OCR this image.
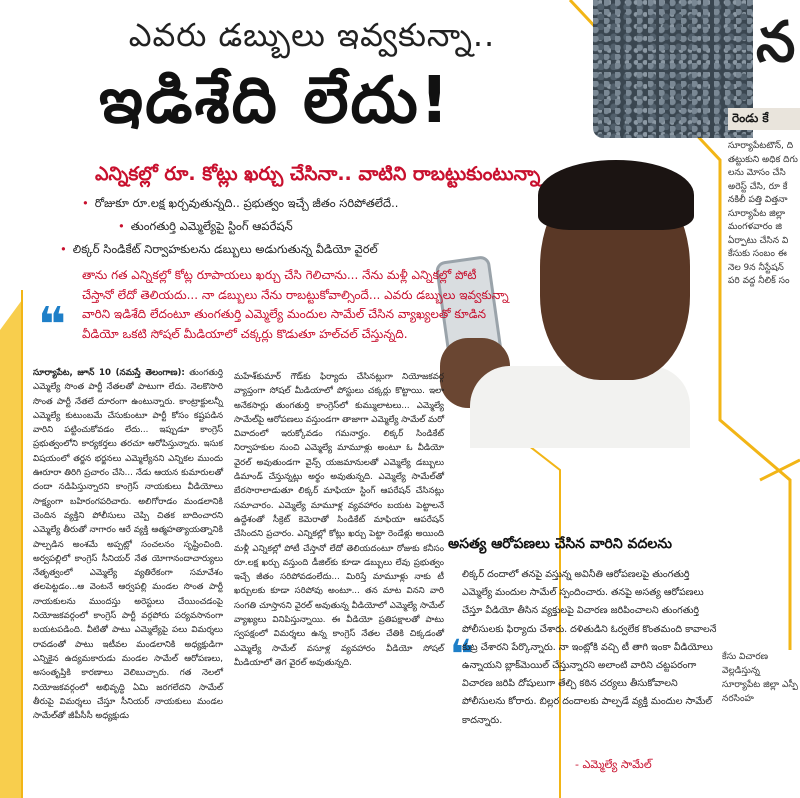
న
రెండు కే
సూర్యాపేటటౌన్, ది తట్టుకుని అధిక దిగు లను మోసం చేసి అరెస్ట్ చేసి, రూ కే నకిలీ పత్తి విత్తనా సూర్యాపేట జిల్లా మంగళవారం జి ఏర్పాటు చేసిన వి కేసుకు సంబం ఈ నెల 9న నీస్టేషన్ పరి వద్ద నీలిక్ సం
కేసు విచారణ వెల్లడిస్తున్న సూర్యాపేట జిల్లా ఎస్పీ నరసింహ
ఎవరు డబ్బులు ఇవ్వకున్నా..
ఇడిశేది లేదు!
ఎన్నికల్లో రూ. కోట్లు ఖర్చు చేసినా.. వాటిని రాబట్టుకుంటున్నా
• రోజుకూ రూ.లక్ష ఖర్చవుతున్నది.. ప్రభుత్వం ఇచ్చే జీతం సరిపోతలేదే..
• తుంగతుర్తి ఎమ్మెల్యేపై స్టింగ్ ఆపరేషన్
• లిక్కర్ సిండికేట్ నిర్వాహకులను డబ్బులు అడుగుతున్న వీడియో వైరల్
❝
తాను గత ఎన్నికల్లో కోట్ల రూపాయలు ఖర్చు చేసి గెలిచాను... నేను మళ్లీ ఎన్నికల్లో పోటీ చేస్తానో లేదో తెలియదు... నా డబ్బులు నేను రాబట్టుకోవాల్సిందే... ఎవరు డబ్బులు ఇవ్వకున్నా వారిని ఇడిశేది లేదంటూ తుంగతుర్తి ఎమ్మెల్యే మందుల సామేల్ చేసిన వ్యాఖ్యలతో కూడిన వీడియో ఒకటి సోషల్ మీడియాలో చక్కర్లు కొడుతూ హల్‌చల్ చేస్తున్నది.
సూర్యాపేట, జూన్ 10 (నమస్తే తెలంగాణ): తుంగతుర్తి ఎమ్మెల్యే సొంత పార్టీ నేతలతో పాటుగా లేదు. నెలకొసారి సొంత పార్టీ నేతలే దూరంగా ఉంటున్నారు. కాంట్రాక్టులన్నీ ఎమ్మెల్యే కుటుంబమే చేసుకుంటూ పార్టీ కోసం కష్టపడిన వారిని పట్టించుకోవడం లేదు... ఇప్పుడూ కాంగ్రెస్ ప్రభుత్వంలోని కార్యకర్తలు తరచూ ఆరోపిస్తున్నారు. ఇసుక విషయంలో తర్జన భర్జనలు ఎమ్మెల్యేనని ఎన్నికల ముందు ఊరూరా తిరిగి ప్రచారం చేసి... నేడు ఆయన కుమారులతో దందా నడిపిస్తున్నారని కాంగ్రెస్ నాయకులు వీడియోలు సాక్ష్యంగా బహిరంగపరిచారు. అలిగోరాడం మండలానికి చెందిన వ్యక్తిని పోలీసులు చెప్పి చితక బాదించారని ఎమ్మెల్యే తీరుతో నాగారం ఆరే వ్యక్తి ఆత్మహత్యాయత్నానికి పాల్పడిన అంశమే అప్పట్లో సంచలనం సృష్టించింది. అర్వపల్లిలో కాంగ్రెస్ సీనియర్ నేత యోగానందాచార్యులు నేతృత్వంలో ఎమ్మెల్యే వ్యతిరేకంగా సమావేశం తలపెట్టడం...ఆ వెంటనే ఆర్వపల్లి మండల సొంత పార్టీ నాయకులను ముందస్తు అరెస్టులు చేయించడంపై నియోజకవర్గంలో కాంగ్రెస్ పార్టీ వర్గపోరు పర్యవసానంగా బయటపడింది. వీటితో పాటు ఎమ్మెల్యేపై పలు విమర్శలు రావడంతో పాటు ఇటీవల మండలానికి అధ్యక్షుడిగా ఎన్నికైన ఉద్యమకారుడు మండల సామేల్ ఆరోపణలు, అసంతృప్తికి కారణాలు వెలిబుచ్చారు. గత నెలలో నియోజకవర్గంలో అభివృద్ధి ఏమి జరగలేదని సామేల్ తీరుపై విమర్శలు చేస్తూ సీనియర్ నాయకులు మండల సామేల్‌తో జీపీసీసీ అధ్యక్షుడు
మహేశ్‌కుమార్ గౌడ్‌కు ఫిర్యాదు చేసినట్లుగా నియోజకవర్గ వ్యాప్తంగా సోషల్ మీడియాలో పోస్టులు చక్కర్లు కొట్టాయి. ఇలా అనేకసార్లు తుంగతుర్తి కాంగ్రెస్‌లో కుమ్ములాటలు... ఎమ్మెల్యే సామేల్‌పై ఆరోపణలు వస్తుండగా తాజాగా ఎమ్మెల్యే సామేల్ మరో వివాదంలో ఇరుక్కోవడం గమనార్హం. లిక్కర్ సిండికేట్ నిర్వాహకుల నుంచి ఎమ్మెల్యే మామూళ్లు అంటూ ఓ వీడియో వైరల్ అవుతుండగా వైన్స్ యజమానులతో ఎమ్మెల్యే డబ్బులు డిమాండ్ చేస్తున్నట్లు అర్థం అవుతున్నది. ఎమ్మెల్యే సామేల్‌తో బేరసారాలాడుతూ లిక్కర్ మాఫియా స్టింగ్ ఆపరేషన్ చేసినట్లు సమాచారం. ఎమ్మెల్యే మామూళ్ల వ్యవహారం బయట పెట్టాలనే ఉద్దేశంతో సీక్రెట్ కెమెరాతో సిండికేట్ మాఫియా ఆపరేషన్ చేసిందని ప్రచారం. ఎన్నికల్లో కోట్లు ఖర్చు పెట్టా రెండేళ్లు అయింది మళ్లీ ఎన్నికల్లో పోటీ చేస్తానో లేదో తెలియదంటూ రోజుకు కనీసం రూ.లక్ష ఖర్చు వస్తుంది డీజిల్‌కు కూడా డబ్బులు లేవు ప్రభుత్వం ఇచ్చే జీతం సరిపోవడంలేదు... మిరిస్తే మామూళ్లు నాకు టీ ఖర్చులకు కూడా సరిపోవు అంటూ... తన మాట వినని వారి సంగతి చూస్తానని వైరల్ అవుతున్న వీడియోలో ఎమ్మెల్యే సామేల్ వ్యాఖ్యలు వినిపిస్తున్నాయి. ఈ వీడియో ప్రతిపక్షాలతో పాటు స్వపక్షంలో విమర్శలు ఉన్న కాంగ్రెస్ నేతల చేతికి చిక్కడంతో ఎమ్మెల్యే సామేల్ వసూళ్ల వ్యవహారం వీడియో సోషల్ మీడియాలో తెగ వైరల్ అవుతున్నది.
అసత్య ఆరోపణలు చేసిన వారిని వదలను
❝
లిక్కర్ దందాలో తనపై వస్తున్న అవినీతి ఆరోపణలపై తుంగతుర్తి ఎమ్మెల్యే మందుల సామేల్ స్పందించారు. తనపై అసత్య ఆరోపణలు చేస్తూ వీడియో తీసిన వ్యక్తులపై విచారణ జరిపించాలని తుంగతుర్తి పోలీసులకు ఫిర్యాదు చేశారు. దళితుడిని ఓర్వలేక కొంతమంది కావాలనే కుట్ర చేశారని పేర్కొన్నారు. నా ఇంట్లోకి వచ్చి టీ తాగి ఇంకా వీడియోలు ఉన్నాయని బ్లాక్‌మెయిల్ చేస్తున్నారని అలాంటి వారిని చట్టపరంగా విచారణ జరిపి దోషులుగా తేల్చి కఠిన చర్యలు తీసుకోవాలని పోలీసులను కోరారు. బిల్లర దందాలకు పాల్పడే వ్యక్తి మందుల సామేల్ కాదన్నారు.
- ఎమ్మెల్యే సామేల్
